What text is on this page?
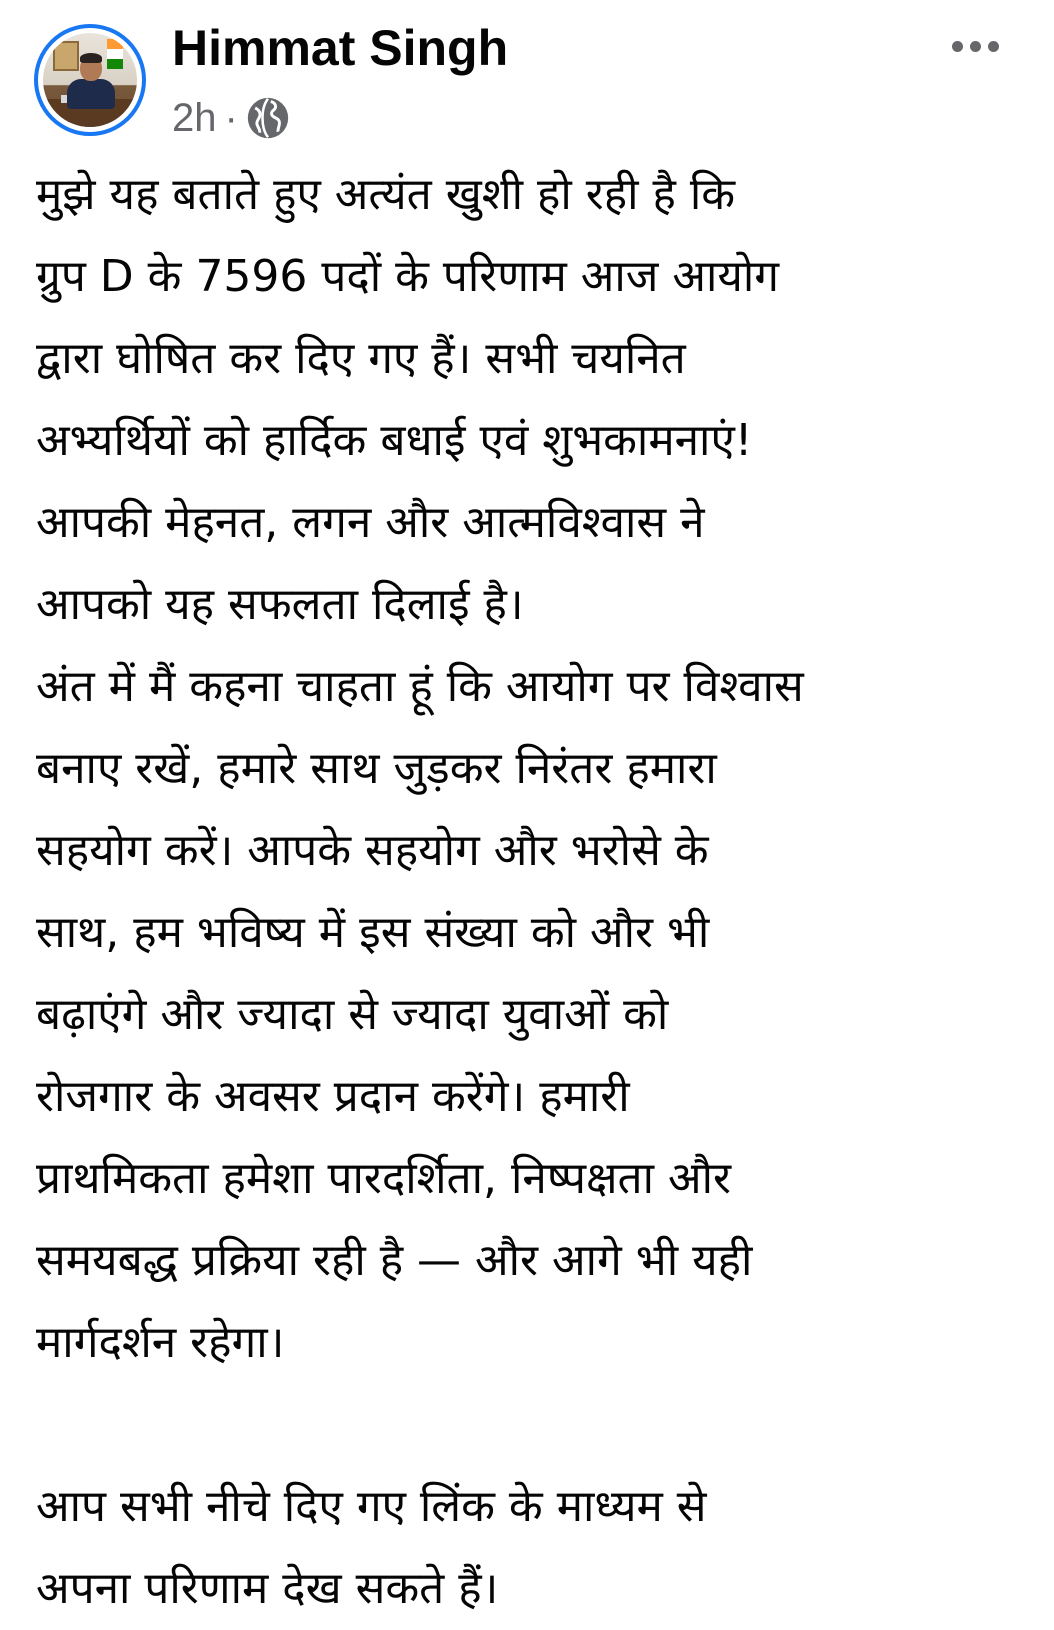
Himmat Singh
2h ·
मुझे यह बताते हुए अत्यंत खुशी हो रही है कि
ग्रुप D के 7596 पदों के परिणाम आज आयोग
द्वारा घोषित कर दिए गए हैं। सभी चयनित
अभ्यर्थियों को हार्दिक बधाई एवं शुभकामनाएं!
आपकी मेहनत, लगन और आत्मविश्वास ने
आपको यह सफलता दिलाई है।
अंत में मैं कहना चाहता हूं कि आयोग पर विश्वास
बनाए रखें, हमारे साथ जुड़कर निरंतर हमारा
सहयोग करें। आपके सहयोग और भरोसे के
साथ, हम भविष्य में इस संख्या को और भी
बढ़ाएंगे और ज्यादा से ज्यादा युवाओं को
रोजगार के अवसर प्रदान करेंगे। हमारी
प्राथमिकता हमेशा पारदर्शिता, निष्पक्षता और
समयबद्ध प्रक्रिया रही है — और आगे भी यही
मार्गदर्शन रहेगा।
आप सभी नीचे दिए गए लिंक के माध्यम से
अपना परिणाम देख सकते हैं।
